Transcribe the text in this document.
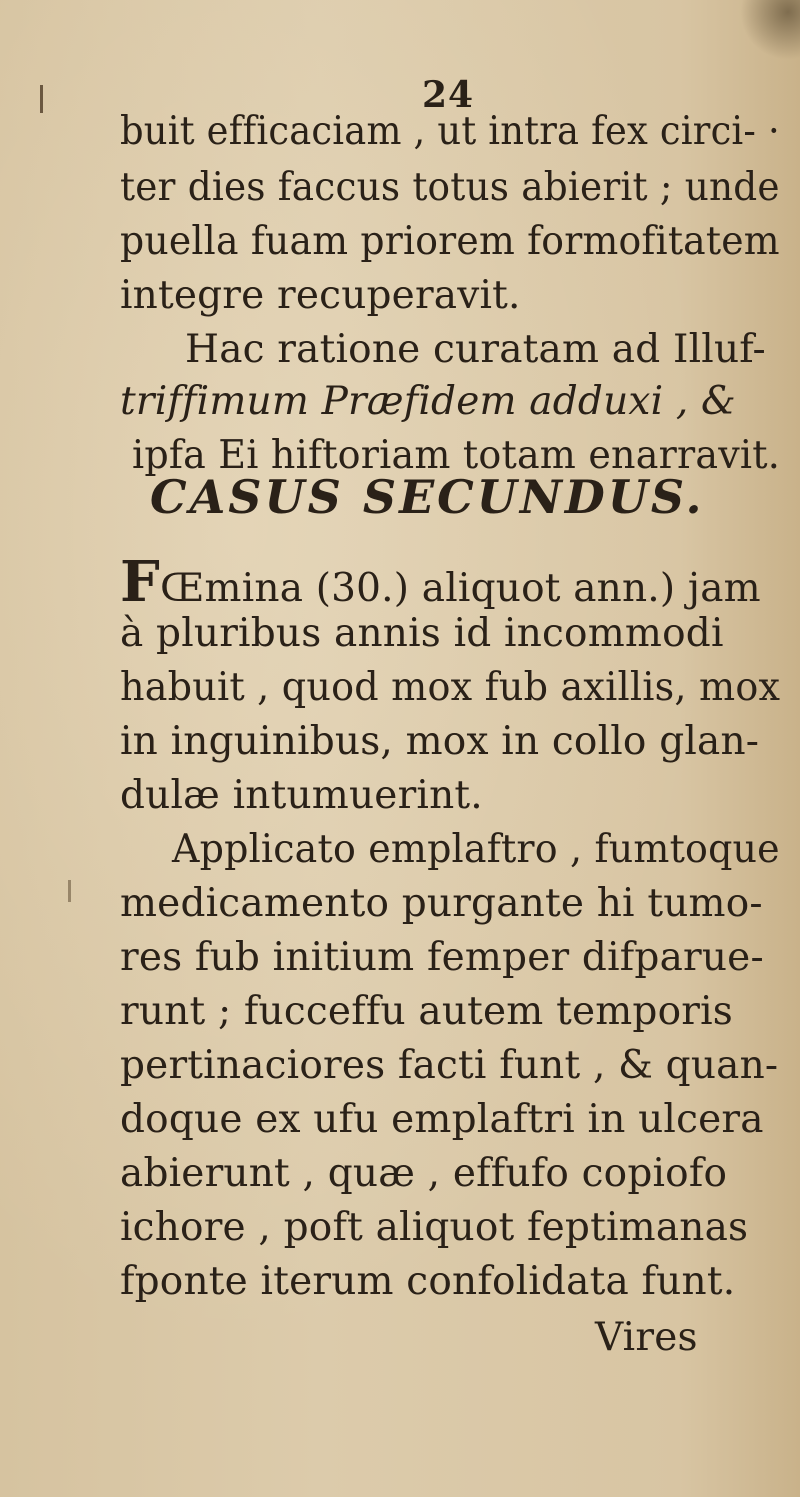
24
buit efficaciam , ut intra fex circi- ·
ter dies faccus totus abierit ; unde
puella fuam priorem formofitatem
integre recuperavit.
Hac ratione curatam ad Illuf-
triffimum Præfidem adduxi , &
ipfa Ei hiftoriam totam enarravit.
CASUS SECUNDUS.
FŒmina (30.) aliquot ann.) jam
à pluribus annis id incommodi
habuit , quod mox fub axillis, mox
in inguinibus, mox in collo glan-
dulæ intumuerint.
Applicato emplaftro , fumtoque
medicamento purgante hi tumo-
res fub initium femper difparue-
runt ; fucceffu autem temporis
pertinaciores facti funt , & quan-
doque ex ufu emplaftri in ulcera
abierunt , quæ , effufo copiofo
ichore , poft aliquot feptimanas
fponte iterum confolidata funt.
Vires
